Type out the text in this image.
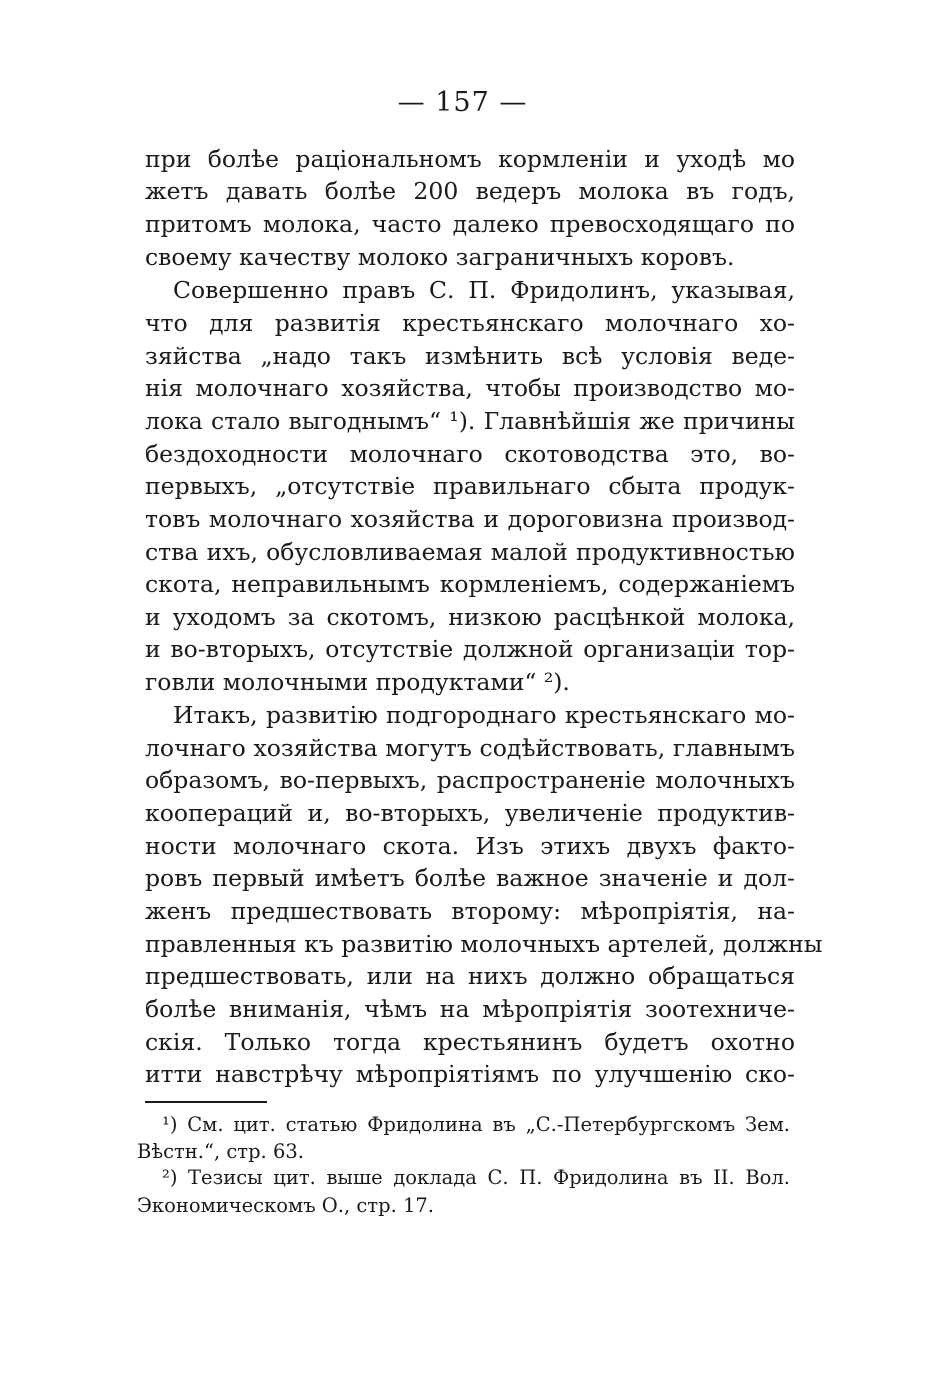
— 157 —
при болѣе раціональномъ кормленіи и уходѣ мо
жетъ давать болѣе 200 ведеръ молока въ годъ,
притомъ молока, часто далеко превосходящаго по
своему качеству молоко заграничныхъ коровъ.
Совершенно правъ С. П. Фридолинъ, указывая,
что для развитія крестьянскаго молочнаго хо-
зяйства „надо такъ измѣнить всѣ условія веде-
нія молочнаго хозяйства, чтобы производство мо-
лока стало выгоднымъ“ ¹). Главнѣйшія же причины
бездоходности молочнаго скотоводства это, во-
первыхъ, „отсутствіе правильнаго сбыта продук-
товъ молочнаго хозяйства и дороговизна производ-
ства ихъ, обусловливаемая малой продуктивностью
скота, неправильнымъ кормленіемъ, содержаніемъ
и уходомъ за скотомъ, низкою расцѣнкой молока,
и во-вторыхъ, отсутствіе должной организаціи тор-
говли молочными продуктами“ ²).
Итакъ, развитію подгороднаго крестьянскаго мо-
лочнаго хозяйства могутъ содѣйствовать, главнымъ
образомъ, во-первыхъ, распространеніе молочныхъ
коопераций и, во-вторыхъ, увеличеніе продуктив-
ности молочнаго скота. Изъ этихъ двухъ факто-
ровъ первый имѣетъ болѣе важное значеніе и дол-
женъ предшествовать второму: мѣропріятія, на-
правленныя къ развитію молочныхъ артелей, должны
предшествовать, или на нихъ должно обращаться
болѣе вниманія, чѣмъ на мѣропріятія зоотехниче-
скія. Только тогда крестьянинъ будетъ охотно
итти навстрѣчу мѣропріятіямъ по улучшенію ско-
¹) См. цит. статью Фридолина въ „С.-Петербургскомъ Зем.
Вѣстн.“, стр. 63.
²) Тезисы цит. выше доклада С. П. Фридолина въ II. Вол.
Экономическомъ О., стр. 17.
